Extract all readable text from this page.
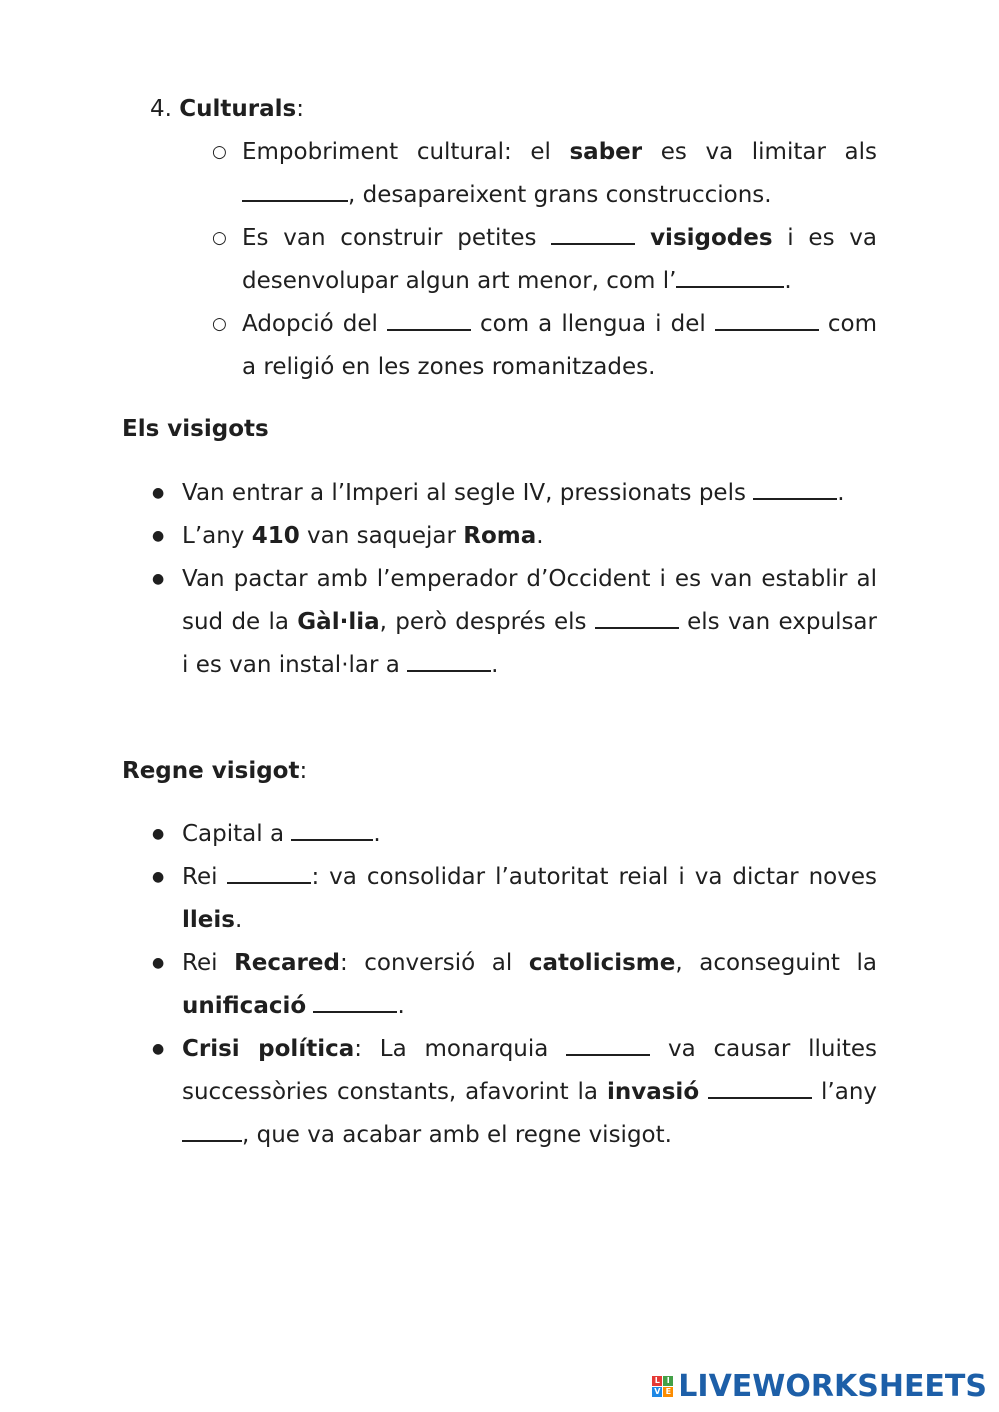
4. Culturals:
○ Empobriment cultural: el saber es va limitar als , desapareixent grans construccions.
○ Es van construir petites	visigodes i es va desenvolupar algun art menor, com l’	.
○ Adopció del	com a llengua i del	com a religió en les zones romanitzades.
Els visigots
● Van entrar a l’Imperi al segle IV, pressionats pels	.
● L’any 410 van saquejar Roma.
● Van pactar amb l’emperador d’Occident i es van establir al sud de la Gàl·lia, però després els	els van expulsar i es van instal·lar a	.
Regne visigot:
● Capital a	.
● Rei	: va consolidar l’autoritat reial i va dictar noves lleis.
● Rei Recared: conversió al catolicisme, aconseguint la unificació	.
● Crisi política: La monarquia	va causar lluites successòries constants, afavorint la invasió	l’any , que va acabar amb el regne visigot.
L I
V E LIVEWORKSHEETS
